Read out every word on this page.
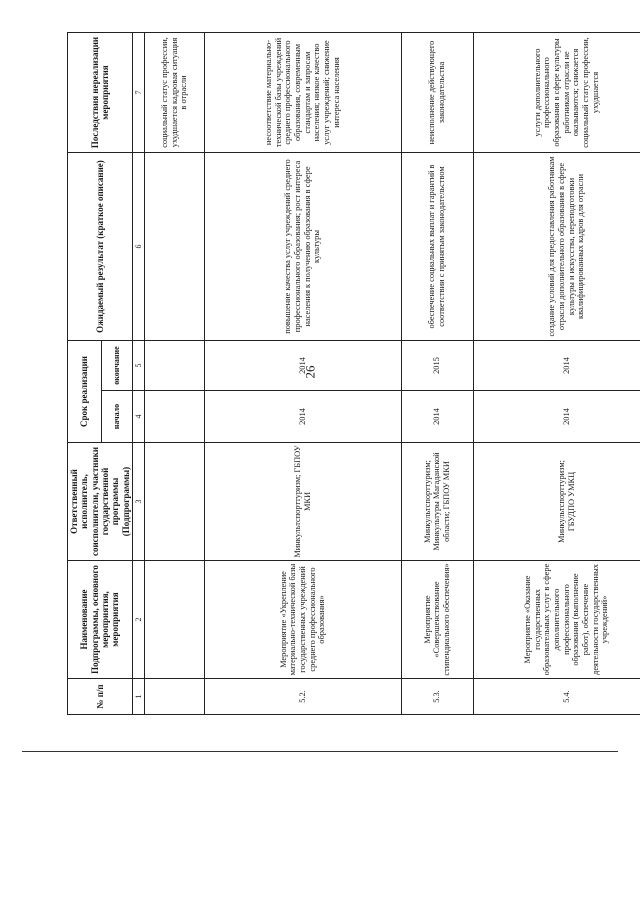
26
№ п/п	Наименование Подпрограммы, основного мероприятия, мероприятия	Ответственный исполнитель, соисполнители, участники государственной программы (Подпрограммы)	Срок реализации		Ожидаемый результат (краткое описание)	Последствия нереализации мероприятия
			начало	окончание		
1	2	3	4	5	6	7
						социальный статус профессии, ухудшается кадровая ситуация в отрасли
5.2.	Мероприятие «Укрепление материально-технической базы государственных учреждений среднего профессионального образования»	Минкультспорттуризм; ГБПОУ МКИ	2014	2014	повышение качества услуг учреждений среднего профессионального образования; рост интереса населения к получению образования в сфере культуры	несоответствие материально-технической базы учреждений среднего профессионального образования, современным стандартам и запросам населения; низкое качество услуг учреждений; снижение интереса населения
5.3.	Мероприятие «Совершенствование стипендиального обеспечения»	Минкультспорттуризм; Минкультуры Магаданской области; ГБПОУ МКИ	2014	2015	обеспечение социальных выплат и гарантий в соответствии с принятым законодательством	неисполнение действующего законодательства
5.4.	Мероприятие «Оказание государственных образовательных услуг в сфере дополнительного профессионального образования (выполнение работ), обеспечение деятельности государственных учреждений»	Минкультспорттуризм; ГБУДПО УМКЦ	2014	2014	создание условий для предоставления работникам отрасли дополнительного образования в сфере культуры и искусства, переподготовки квалифицированных кадров для отрасли	услуги дополнительного профессионального образования в сфере культуры работникам отрасли не оказываются; снижается социальный статус профессии, ухудшается
